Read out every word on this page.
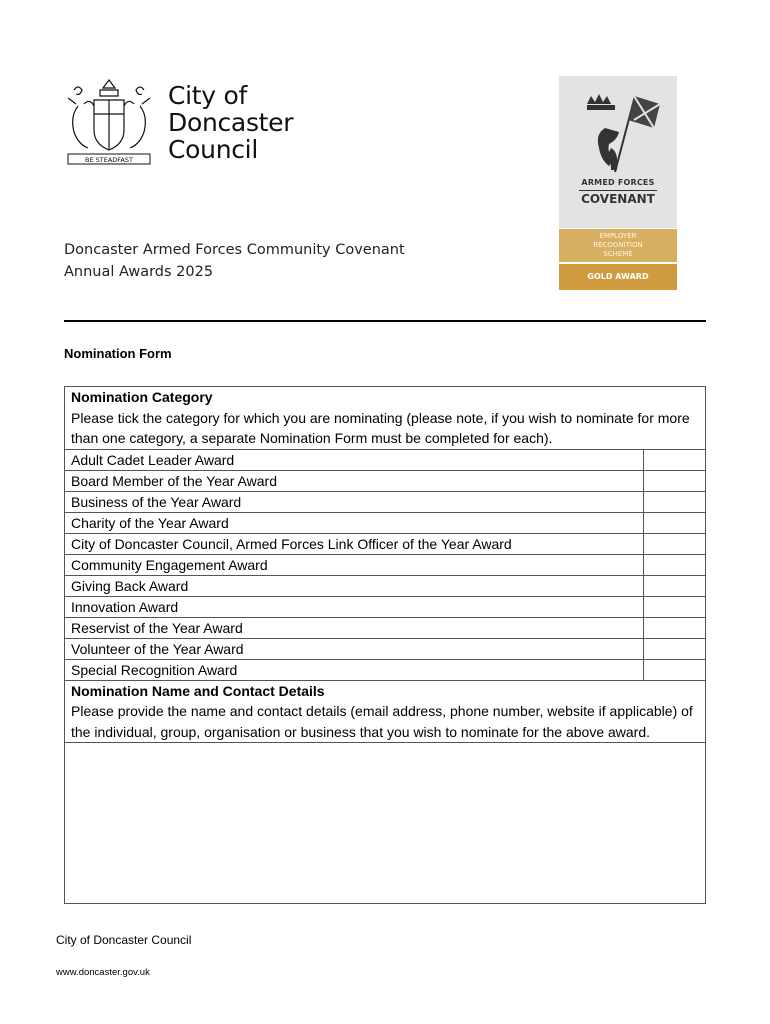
BE STEADFAST
City of
Doncaster
Council
ARMED FORCES
COVENANT
EMPLOYER
RECOGNITION
SCHEME
GOLD AWARD
Doncaster Armed Forces Community Covenant
Annual Awards 2025
Nomination Form
Nomination Category
Please tick the category for which you are nominating (please note, if you wish to nominate for more than one category, a separate Nomination Form must be completed for each).	

Adult Cadet Leader Award	
Board Member of the Year Award	
Business of the Year Award	
Charity of the Year Award	
City of Doncaster Council, Armed Forces Link Officer of the Year Award	
Community Engagement Award	
Giving Back Award	
Innovation Award	
Reservist of the Year Award	
Volunteer of the Year Award	
Special Recognition Award	

Nomination Name and Contact Details
Please provide the name and contact details (email address, phone number, website if applicable) of the individual, group, organisation or business that you wish to nominate for the above award.	

City of Doncaster Council
www.doncaster.gov.uk
